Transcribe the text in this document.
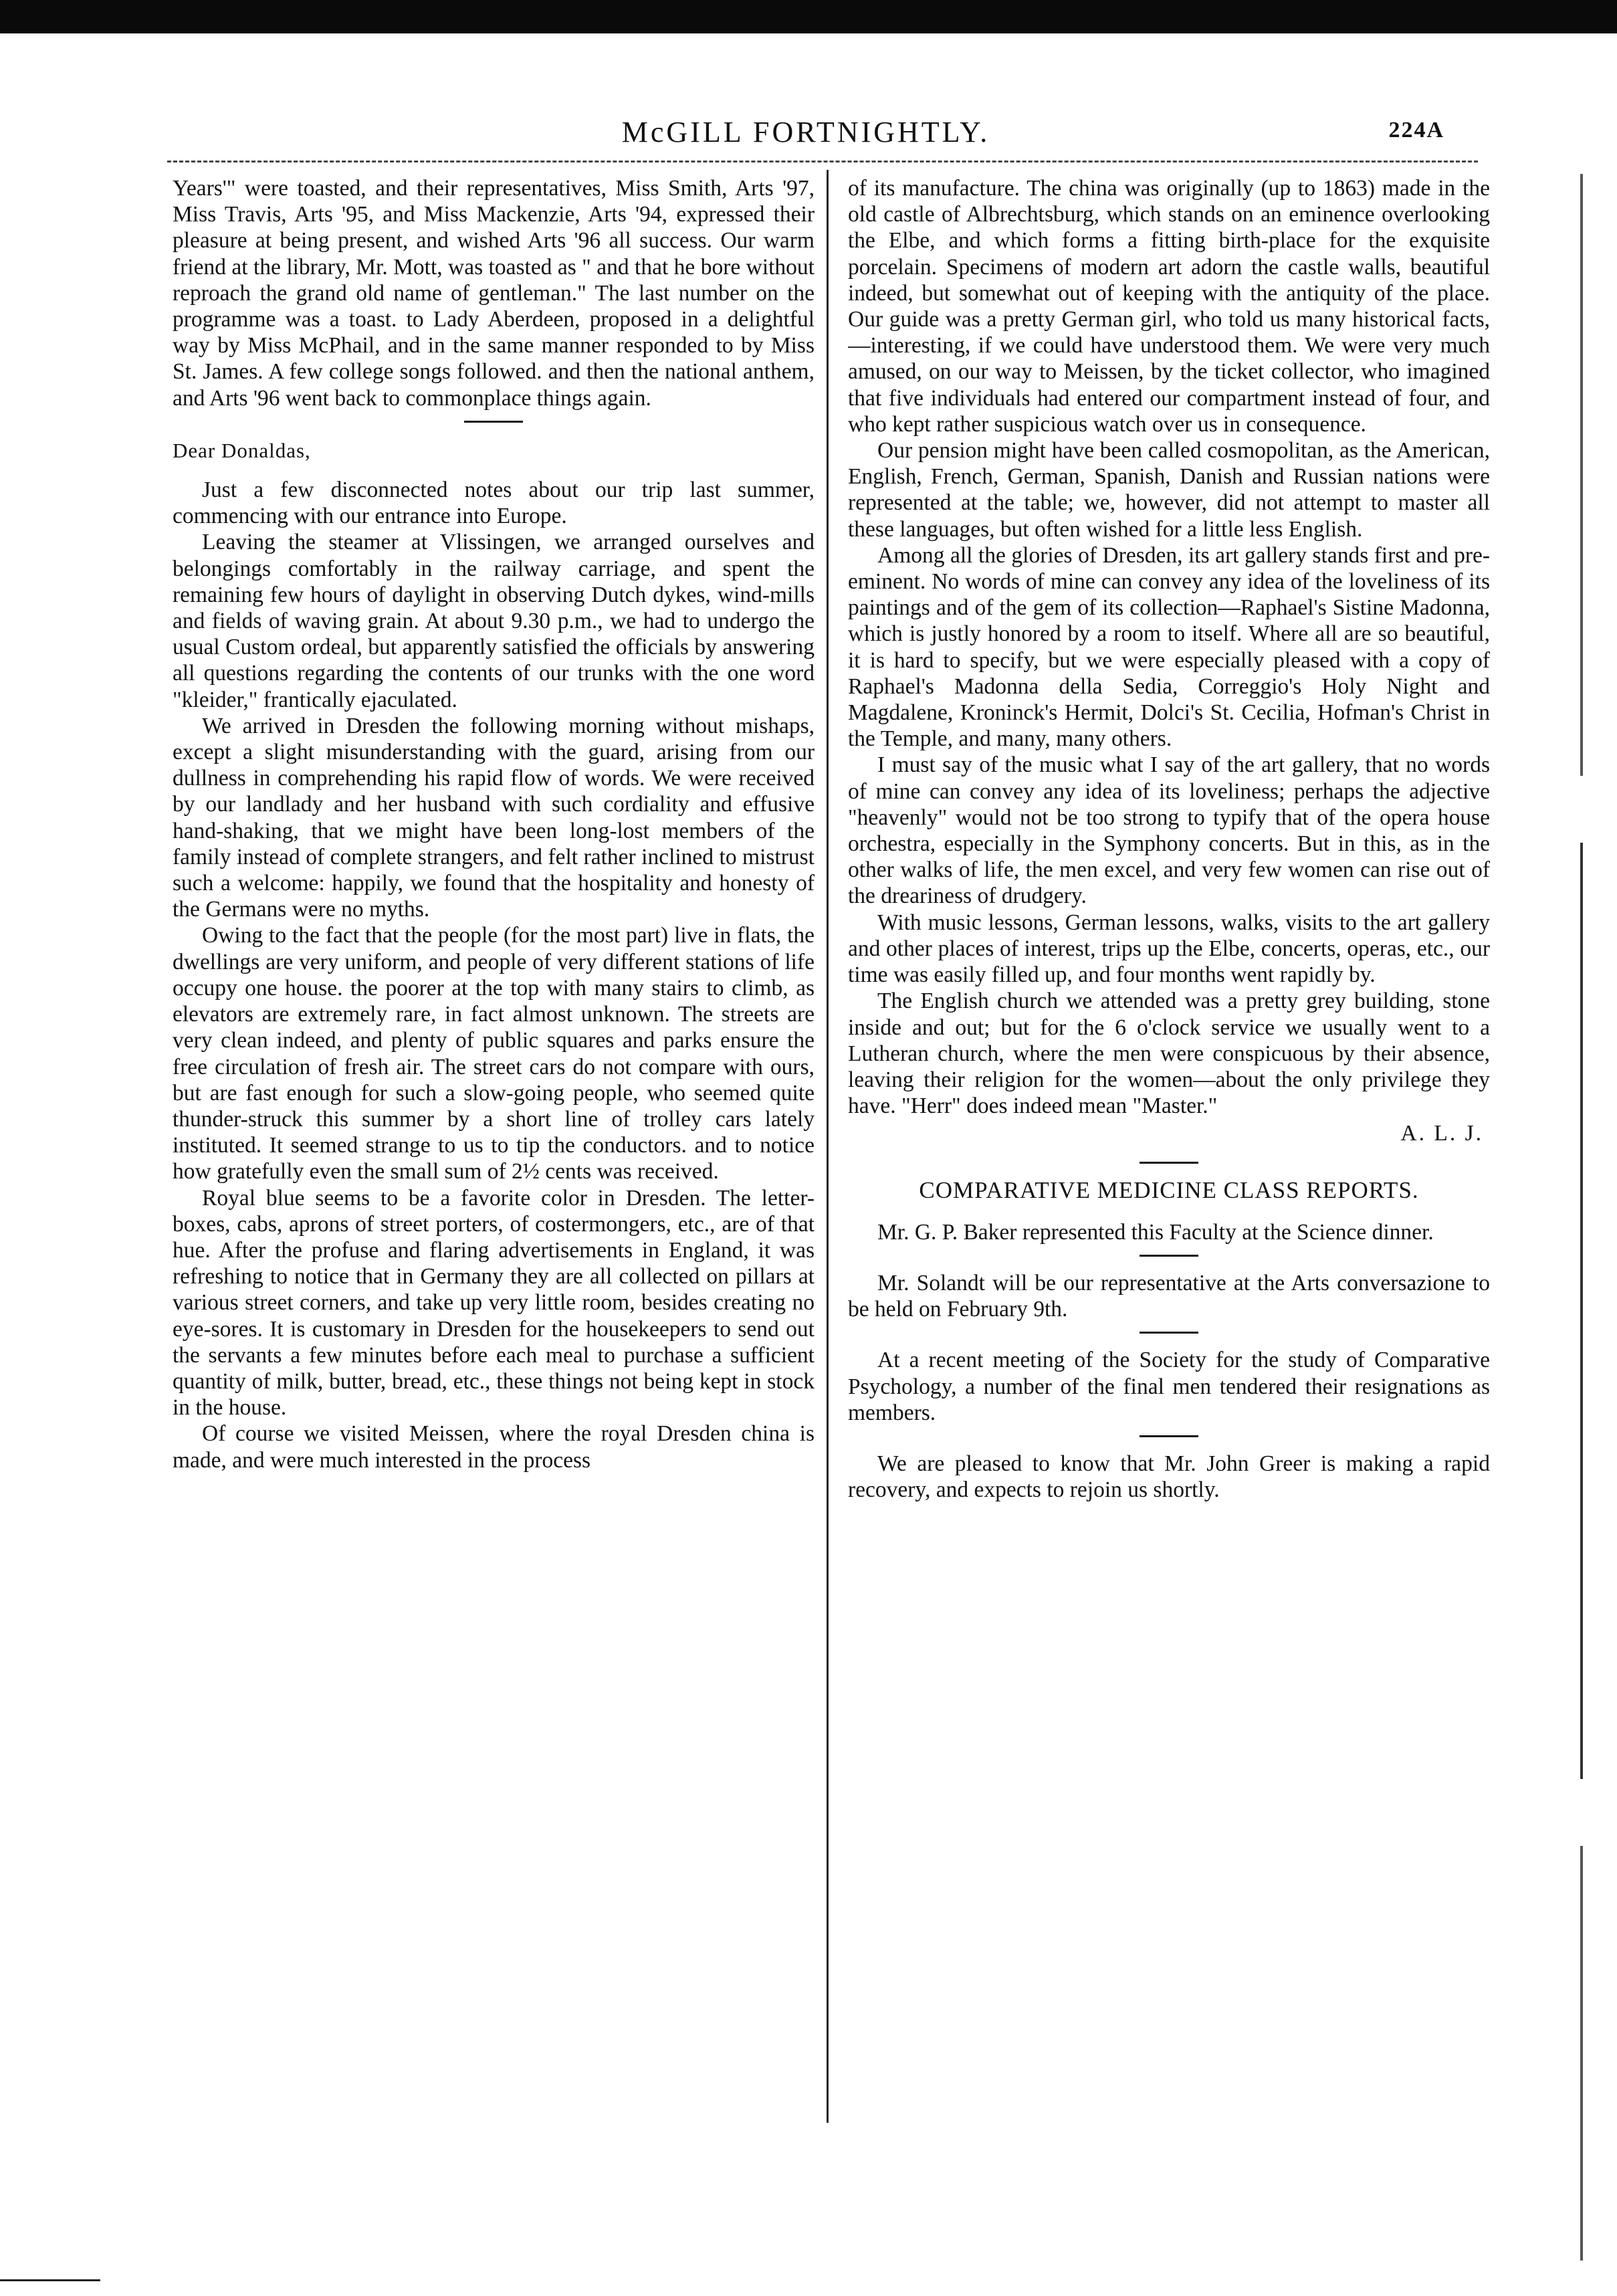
McGILL FORTNIGHTLY.	224A

Years'" were toasted, and their representatives, Miss Smith, Arts '97, Miss Travis, Arts '95, and Miss Mackenzie, Arts '94, expressed their pleasure at being present, and wished Arts '96 all success. Our warm friend at the library, Mr. Mott, was toasted as " and that he bore without reproach the grand old name of gentleman." The last number on the programme was a toast. to Lady Aberdeen, proposed in a delightful way by Miss McPhail, and in the same manner responded to by Miss St. James. A few college songs followed. and then the national anthem, and Arts '96 went back to commonplace things again.

Dear Donaldas,

Just a few disconnected notes about our trip last summer, commencing with our entrance into Europe.

Leaving the steamer at Vlissingen, we arranged ourselves and belongings comfortably in the railway carriage, and spent the remaining few hours of daylight in observing Dutch dykes, wind-mills and fields of waving grain. At about 9.30 p.m., we had to undergo the usual Custom ordeal, but apparently satisfied the officials by answering all questions regarding the contents of our trunks with the one word "kleider," frantically ejaculated.

We arrived in Dresden the following morning without mishaps, except a slight misunderstanding with the guard, arising from our dullness in comprehending his rapid flow of words. We were received by our landlady and her husband with such cordiality and effusive hand-shaking, that we might have been long-lost members of the family instead of complete strangers, and felt rather inclined to mistrust such a welcome: happily, we found that the hospitality and honesty of the Germans were no myths.

Owing to the fact that the people (for the most part) live in flats, the dwellings are very uniform, and people of very different stations of life occupy one house. the poorer at the top with many stairs to climb, as elevators are extremely rare, in fact almost unknown. The streets are very clean indeed, and plenty of public squares and parks ensure the free circulation of fresh air. The street cars do not compare with ours, but are fast enough for such a slow-going people, who seemed quite thunder-struck this summer by a short line of trolley cars lately instituted. It seemed strange to us to tip the conductors. and to notice how gratefully even the small sum of 2½ cents was received.

Royal blue seems to be a favorite color in Dresden. The letter-boxes, cabs, aprons of street porters, of costermongers, etc., are of that hue. After the profuse and flaring advertisements in England, it was refreshing to notice that in Germany they are all collected on pillars at various street corners, and take up very little room, besides creating no eye-sores. It is customary in Dresden for the housekeepers to send out the servants a few minutes before each meal to purchase a sufficient quantity of milk, butter, bread, etc., these things not being kept in stock in the house.

Of course we visited Meissen, where the royal Dresden china is made, and were much interested in the process

of its manufacture. The china was originally (up to 1863) made in the old castle of Albrechtsburg, which stands on an eminence overlooking the Elbe, and which forms a fitting birth-place for the exquisite porcelain. Specimens of modern art adorn the castle walls, beautiful indeed, but somewhat out of keeping with the antiquity of the place. Our guide was a pretty German girl, who told us many historical facts,—interesting, if we could have understood them. We were very much amused, on our way to Meissen, by the ticket collector, who imagined that five individuals had entered our compartment instead of four, and who kept rather suspicious watch over us in consequence.

Our pension might have been called cosmopolitan, as the American, English, French, German, Spanish, Danish and Russian nations were represented at the table; we, however, did not attempt to master all these languages, but often wished for a little less English.

Among all the glories of Dresden, its art gallery stands first and pre-eminent. No words of mine can convey any idea of the loveliness of its paintings and of the gem of its collection—Raphael's Sistine Madonna, which is justly honored by a room to itself. Where all are so beautiful, it is hard to specify, but we were especially pleased with a copy of Raphael's Madonna della Sedia, Correggio's Holy Night and Magdalene, Kroninck's Hermit, Dolci's St. Cecilia, Hofman's Christ in the Temple, and many, many others.

I must say of the music what I say of the art gallery, that no words of mine can convey any idea of its loveliness; perhaps the adjective "heavenly" would not be too strong to typify that of the opera house orchestra, especially in the Symphony concerts. But in this, as in the other walks of life, the men excel, and very few women can rise out of the dreariness of drudgery.

With music lessons, German lessons, walks, visits to the art gallery and other places of interest, trips up the Elbe, concerts, operas, etc., our time was easily filled up, and four months went rapidly by.

The English church we attended was a pretty grey building, stone inside and out; but for the 6 o'clock service we usually went to a Lutheran church, where the men were conspicuous by their absence, leaving their religion for the women—about the only privilege they have. "Herr" does indeed mean "Master."

A. L. J.
COMPARATIVE MEDICINE CLASS REPORTS.

Mr. G. P. Baker represented this Faculty at the Science dinner.

Mr. Solandt will be our representative at the Arts conversazione to be held on February 9th.

At a recent meeting of the Society for the study of Comparative Psychology, a number of the final men tendered their resignations as members.

We are pleased to know that Mr. John Greer is making a rapid recovery, and expects to rejoin us shortly.
